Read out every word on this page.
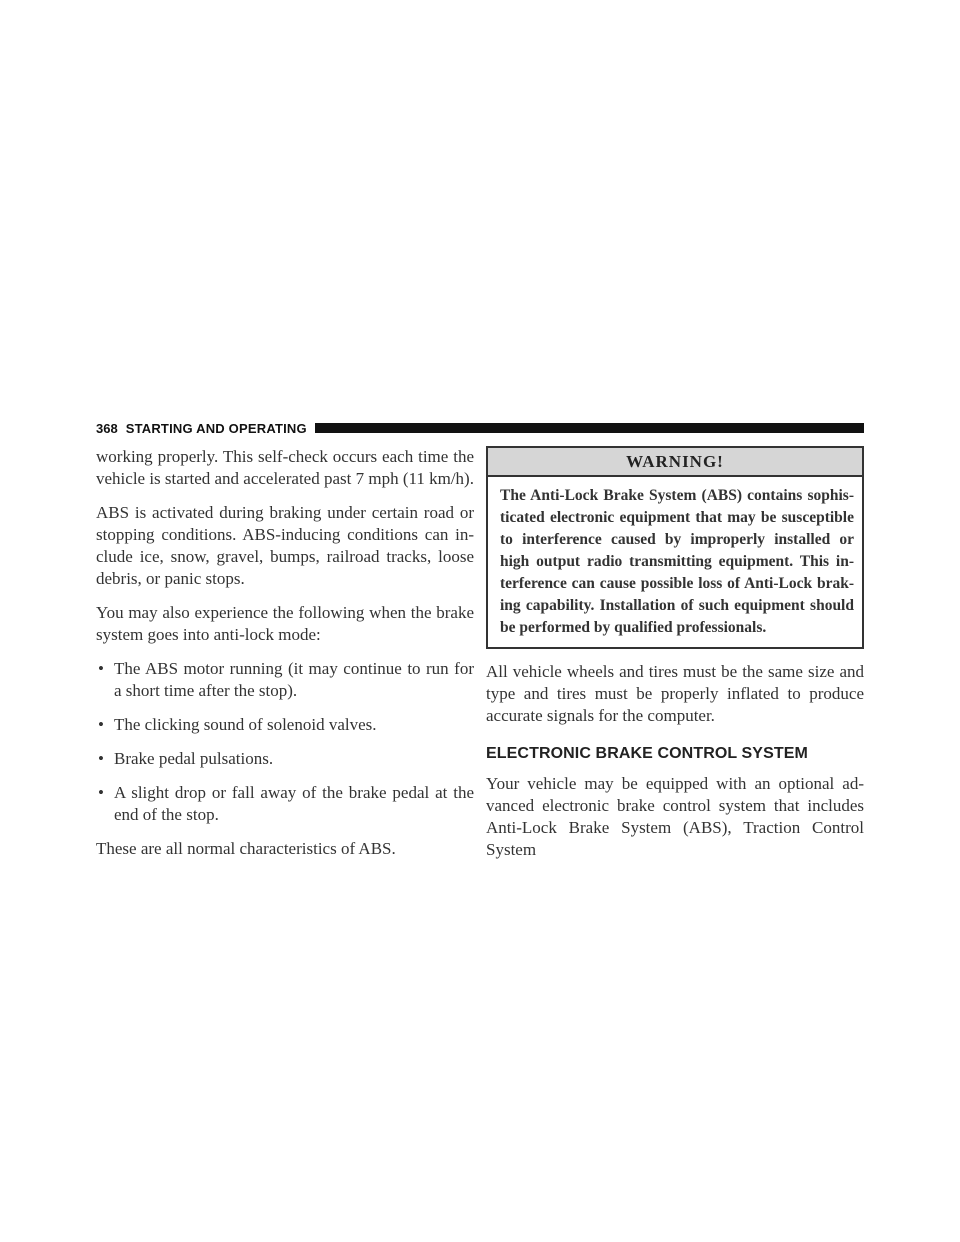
368 STARTING AND OPERATING

working properly. This self-check occurs each time the vehicle is started and accelerated past 7 mph (11 km/h).

ABS is activated during braking under certain road or stopping conditions. ABS-inducing conditions can in-clude ice, snow, gravel, bumps, railroad tracks, loose debris, or panic stops.

You may also experience the following when the brake system goes into anti-lock mode:

• The ABS motor running (it may continue to run for a short time after the stop).
• The clicking sound of solenoid valves.
• Brake pedal pulsations.
• A slight drop or fall away of the brake pedal at the end of the stop.

These are all normal characteristics of ABS.

WARNING!
The Anti-Lock Brake System (ABS) contains sophis-ticated electronic equipment that may be susceptible to interference caused by improperly installed or high output radio transmitting equipment. This in-terference can cause possible loss of Anti-Lock brak-ing capability. Installation of such equipment should be performed by qualified professionals.

All vehicle wheels and tires must be the same size and type and tires must be properly inflated to produce accurate signals for the computer.

ELECTRONIC BRAKE CONTROL SYSTEM

Your vehicle may be equipped with an optional ad-vanced electronic brake control system that includes Anti-Lock Brake System (ABS), Traction Control System
